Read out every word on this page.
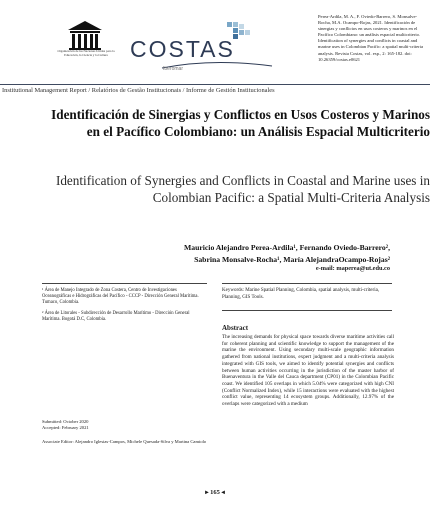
Organización de las Naciones Unidas para la Educación, la Ciencia y la Cultura COSTAS
Iberomar
Perea-Ardila, M. A., F. Oviedo-Barrero, S. Monsalve-Rocha, M.A. Ocampo-Rojas, 2021. Identificación de sinergias y conflictos en usos costeros y marinos en el Pacífico Colombiano: un análisis espacial multicriterio. Identification of synergies and conflicts in coastal and marine uses in Colombian Pacific: a spatial multi-criteria analysis. Revista Costas, vol. esp., 2: 165-182. doi: 10.26359/costas.e0621
Institutional Management Report / Relatórios de Gestão Institucionais / Informe de Gestión Institucionales
Identificación de Sinergias y Conflictos en Usos Costeros y Marinos en el Pacífico Colombiano: un Análisis Espacial Multicriterio
Identification of Synergies and Conflicts in Coastal and Marine uses in Colombian Pacific: a Spatial Multi-Criteria Analysis
Mauricio Alejandro Perea-Ardila¹, Fernando Oviedo-Barrero²,
Sabrina Monsalve-Rocha¹, María AlejandraOcampo-Rojas²
e-mail: maperea@ut.edu.co

¹ Área de Manejo Integrado de Zona Costera, Centro de Investigaciones Oceanográficas e Hidrográficas del Pacífico - CCCP - Dirección General Marítima. Tumaco, Colombia.

² Área de Litorales - Subdirección de Desarrollo Marítimo - Dirección General Marítima. Bogotá D.C, Colombia.

Submitted: October 2020
Accepted: February 2021
Associate Editor: Alejandro Iglesias-Campos, Michele Quesada-Silva y Martina Camiolo
Keywords: Marine Spatial Planning, Colombia, spatial analysis, multi-criteria, Planning, GIS Tools.
Abstract
The increasing demands for physical space towards diverse maritime activities call for coherent planning and scientific knowledge to support the management of the marine the environment. Using secondary multi-scale geographic information gathered from national institutions, expert judgment and a multi-criteria analysis integrated with GIS tools, we aimed to identify potential synergies and conflicts between human activities occurring in the jurisdiction of the master harbor of Buenaventura in the Valle del Cauca department (CP01) in the Colombian Pacific coast. We identified 105 overlaps in which 5.04% were categorized with high CNI (Conflict Normalized Index), while 15 interactions were evaluated with the highest conflict value, representing 14 ecosystem groups. Additionally, 12.97% of the overlaps were categorized with a medium
▸ 165 ◂
